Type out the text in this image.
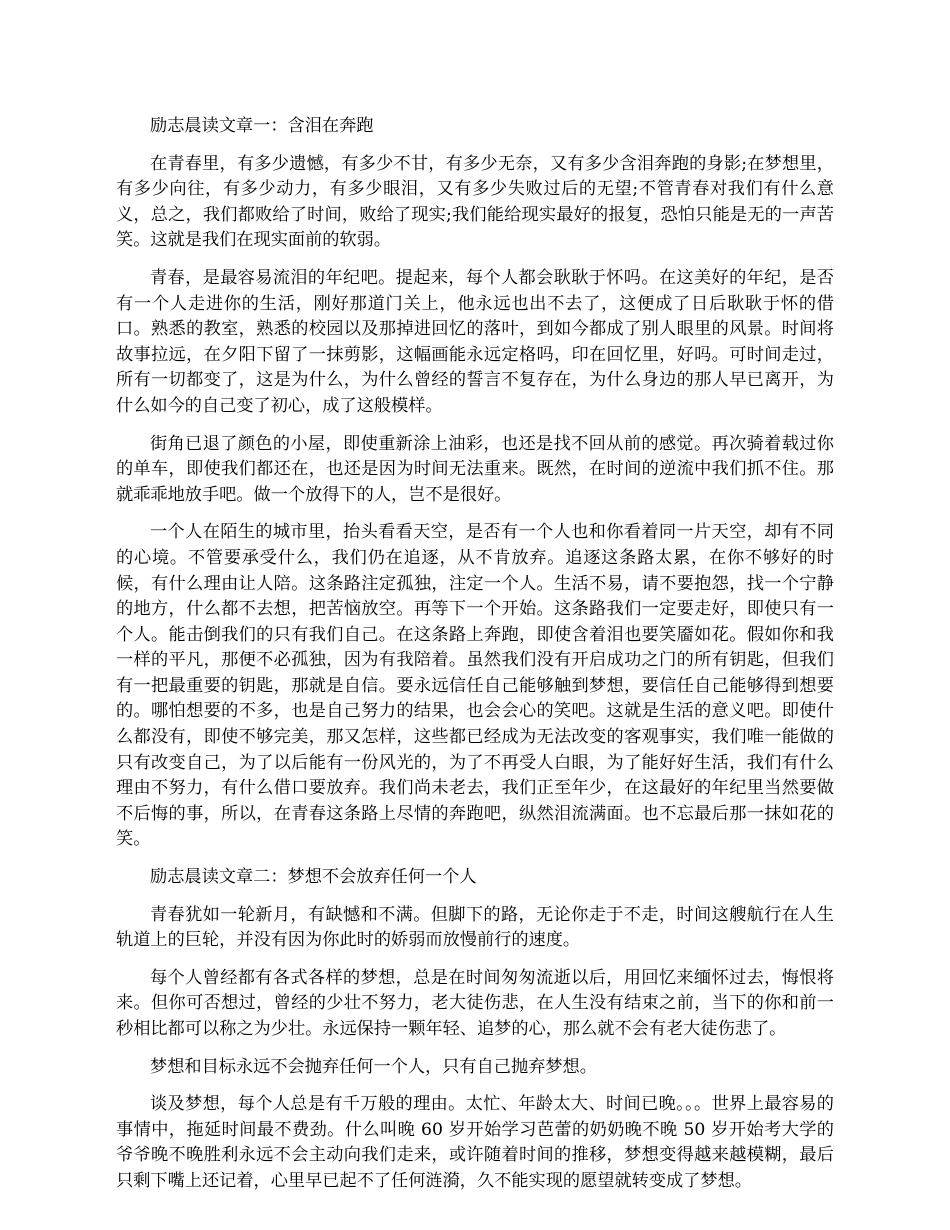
励志晨读文章一：含泪在奔跑

在青春里，有多少遗憾，有多少不甘，有多少无奈，又有多少含泪奔跑的身影;在梦想里，有多少向往，有多少动力，有多少眼泪，又有多少失败过后的无望;不管青春对我们有什么意义，总之，我们都败给了时间，败给了现实;我们能给现实最好的报复，恐怕只能是无的一声苦笑。这就是我们在现实面前的软弱。

青春，是最容易流泪的年纪吧。提起来，每个人都会耿耿于怀吗。在这美好的年纪，是否有一个人走进你的生活，刚好那道门关上，他永远也出不去了，这便成了日后耿耿于怀的借口。熟悉的教室，熟悉的校园以及那掉进回忆的落叶，到如今都成了别人眼里的风景。时间将故事拉远，在夕阳下留了一抹剪影，这幅画能永远定格吗，印在回忆里，好吗。可时间走过，所有一切都变了，这是为什么，为什么曾经的誓言不复存在，为什么身边的那人早已离开，为什么如今的自己变了初心，成了这般模样。

街角已退了颜色的小屋，即使重新涂上油彩，也还是找不回从前的感觉。再次骑着载过你的单车，即使我们都还在，也还是因为时间无法重来。既然，在时间的逆流中我们抓不住。那就乖乖地放手吧。做一个放得下的人，岂不是很好。

一个人在陌生的城市里，抬头看看天空，是否有一个人也和你看着同一片天空，却有不同的心境。不管要承受什么，我们仍在追逐，从不肯放弃。追逐这条路太累，在你不够好的时候，有什么理由让人陪。这条路注定孤独，注定一个人。生活不易，请不要抱怨，找一个宁静的地方，什么都不去想，把苦恼放空。再等下一个开始。这条路我们一定要走好，即使只有一个人。能击倒我们的只有我们自己。在这条路上奔跑，即使含着泪也要笑靥如花。假如你和我一样的平凡，那便不必孤独，因为有我陪着。虽然我们没有开启成功之门的所有钥匙，但我们有一把最重要的钥匙，那就是自信。要永远信任自己能够触到梦想，要信任自己能够得到想要的。哪怕想要的不多，也是自己努力的结果，也会会心的笑吧。这就是生活的意义吧。即使什么都没有，即使不够完美，那又怎样，这些都已经成为无法改变的客观事实，我们唯一能做的只有改变自己，为了以后能有一份风光的，为了不再受人白眼，为了能好好生活，我们有什么理由不努力，有什么借口要放弃。我们尚未老去，我们正至年少，在这最好的年纪里当然要做不后悔的事，所以，在青春这条路上尽情的奔跑吧，纵然泪流满面。也不忘最后那一抹如花的笑。

励志晨读文章二：梦想不会放弃任何一个人

青春犹如一轮新月，有缺憾和不满。但脚下的路，无论你走于不走，时间这艘航行在人生轨道上的巨轮，并没有因为你此时的娇弱而放慢前行的速度。

每个人曾经都有各式各样的梦想，总是在时间匆匆流逝以后，用回忆来缅怀过去，悔恨将来。但你可否想过，曾经的少壮不努力，老大徒伤悲，在人生没有结束之前，当下的你和前一秒相比都可以称之为少壮。永远保持一颗年轻、追梦的心，那么就不会有老大徒伤悲了。

梦想和目标永远不会抛弃任何一个人，只有自己抛弃梦想。

谈及梦想，每个人总是有千万般的理由。太忙、年龄太大、时间已晚。。。世界上最容易的事情中，拖延时间最不费劲。什么叫晚 60 岁开始学习芭蕾的奶奶晚不晚 50 岁开始考大学的爷爷晚不晚胜利永远不会主动向我们走来，或许随着时间的推移，梦想变得越来越模糊，最后只剩下嘴上还记着，心里早已起不了任何涟漪，久不能实现的愿望就转变成了梦想。
